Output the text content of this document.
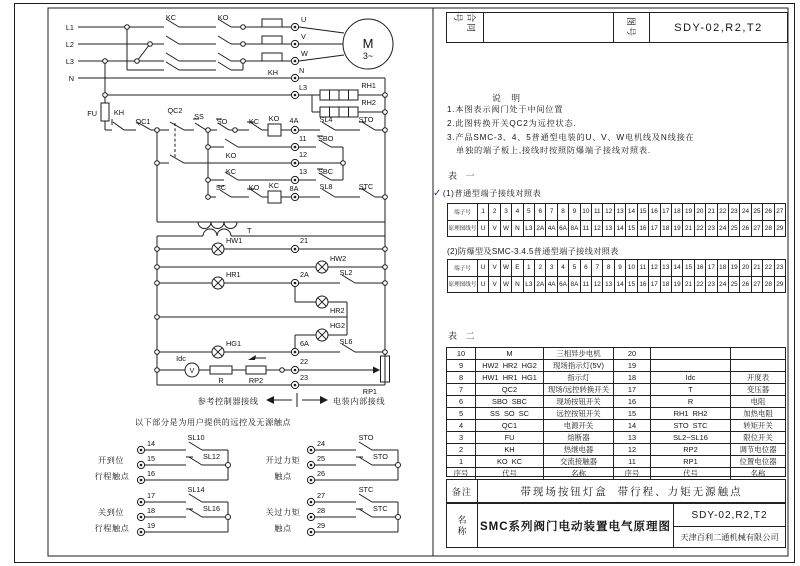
L1
L2
L3
N
KC	KO	U
V
W
N
KH
M
3~
L3	RH1
RH2
FU KH
QC1
QC2
SS
SO	KC KO 4A	SL4	STO
KO
11 SBO
12
KC	13 SBC
SC	KO KC 8A	SL8	STC
T
HW1	21
HW2
HR1	2A	SL2
HR2
HG2
HG1	6A	SL6
Idc
V
R	RP2
22
RP1
23
参考控制器接线	电装内部接线
以下部分是为用户提供的远控及无源触点
开到位
行程触点
14
15
16
SL10
SL12	开过力矩
触点
24
25
26
STO
STO
关到位
行程触点
17
18
19
SL14
SL16	关过力矩
触点
27
28
29
STC
STC
合同号	图号	SDY-02,R2,T2
说 明
1.本图表示阀门处于中间位置
2.此图转换开关QC2为远控状态.
3.产品SMC-3、4、5普通型电装的U、V、W电机线及N线接在
单独的端子板上,接线时按照防爆端子接线对照表.
表 一
✓(1)普通型端子接线对照表
端子号	1	2	3	4	5	6	7	8	9 10 11 12 13 14 15 16 17 18 19 20 21 22 23 24 25 26 27
原理图线号 U	V W N L3 2A 4A 6A 8A 11 12 13 14 15 16 17 18 19 21 22 23 24 25 26 27 28 29
(2)防爆型及SMC-3.4.5普通型端子接线对照表
端子号	U	V W E	1	2	3	4	5	6	7	8	9 10 11 12 13 14 15 16 17 18 19 20 21 22 23
原理图线号 U	V W N L3 2A 4A 6A 8A 11 12 13 14 15 16 17 18 19 21 22 23 24 25 26 27 28 29
表 二
10	M	三相异步电机	20
9	HW2  HR2  HG2	现场指示灯(5V)	19
8	HW1  HR1  HG1	指示灯	18	Idc	开度表
7	QC2	现场/远控转换开关	17	T	变压器
6	SBO  SBC	现场按钮开关	16	R	电阻
5	SS  SO  SC	远控按钮开关	15	RH1  RH2	加热电阻
4	QC1	电源开关	14	STO  STC	转矩开关
3	FU	熔断器	13	SL2~SL16	限位开关
2	KH	热继电器	12	RP2	调节电位器
1	KO  KC	交流接触器	11	RP1	位置电位器
序号	代号	名称	序号	代号	名称
备注	带现场按钮灯盒  带行程、力矩无源触点
名
称 SMC系列阀门电动装置电气原理图
SDY-02,R2,T2
天津百利二通机械有限公司
